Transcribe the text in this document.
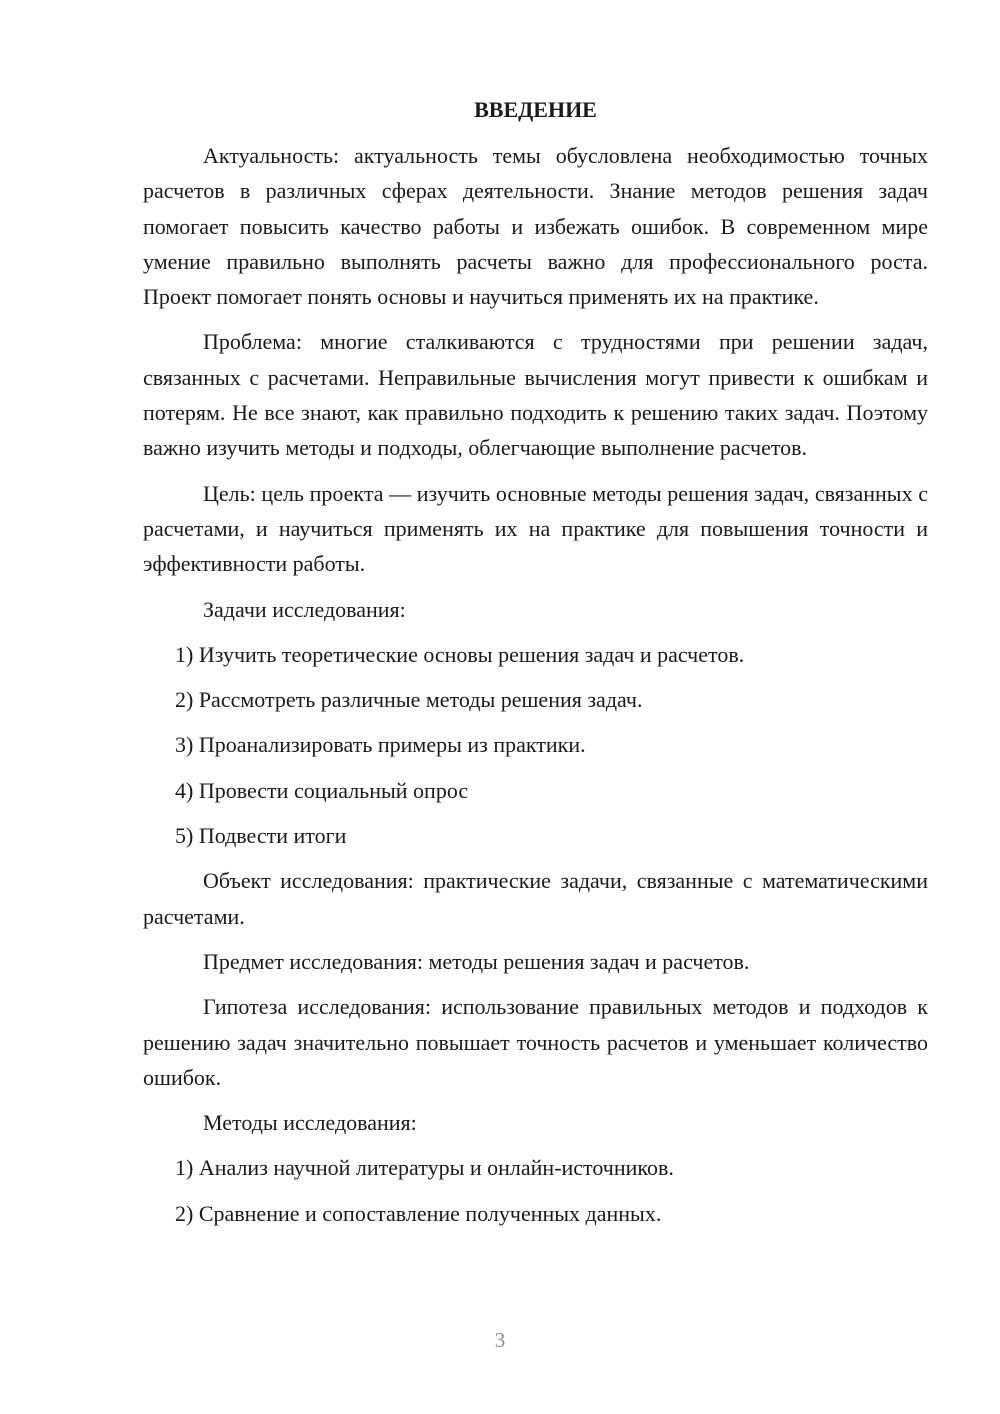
ВВЕДЕНИЕ

Актуальность: актуальность темы обусловлена необходимостью точных расчетов в различных сферах деятельности. Знание методов решения задач помогает повысить качество работы и избежать ошибок. В современном мире умение правильно выполнять расчеты важно для профессионального роста. Проект помогает понять основы и научиться применять их на практике.

Проблема: многие сталкиваются с трудностями при решении задач, связанных с расчетами. Неправильные вычисления могут привести к ошибкам и потерям. Не все знают, как правильно подходить к решению таких задач. Поэтому важно изучить методы и подходы, облегчающие выполнение расчетов.

Цель: цель проекта — изучить основные методы решения задач, связанных с расчетами, и научиться применять их на практике для повышения точности и эффективности работы.

Задачи исследования:

1) Изучить теоретические основы решения задач и расчетов.

2) Рассмотреть различные методы решения задач.

3) Проанализировать примеры из практики.

4) Провести социальный опрос

5) Подвести итоги

Объект исследования: практические задачи, связанные с математическими расчетами.

Предмет исследования: методы решения задач и расчетов.

Гипотеза исследования: использование правильных методов и подходов к решению задач значительно повышает точность расчетов и уменьшает количество ошибок.

Методы исследования:

1) Анализ научной литературы и онлайн-источников.

2) Сравнение и сопоставление полученных данных.

3
